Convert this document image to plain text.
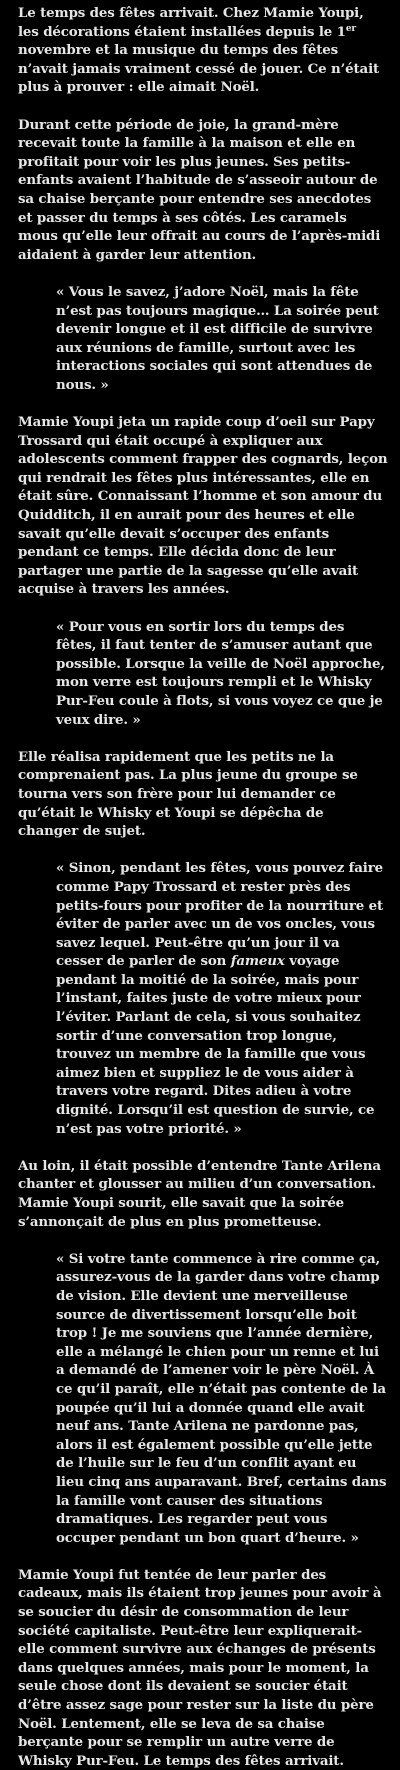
Le temps des fêtes arrivait. Chez Mamie Youpi, les décorations étaient installées depuis le 1er novembre et la musique du temps des fêtes n’avait jamais vraiment cessé de jouer. Ce n’était plus à prouver : elle aimait Noël.

Durant cette période de joie, la grand-mère recevait toute la famille à la maison et elle en profitait pour voir les plus jeunes. Ses petits-enfants avaient l’habitude de s’asseoir autour de sa chaise berçante pour entendre ses anecdotes et passer du temps à ses côtés. Les caramels mous qu’elle leur offrait au cours de l’après-midi aidaient à garder leur attention.

« Vous le savez, j’adore Noël, mais la fête n’est pas toujours magique… La soirée peut devenir longue et il est difficile de survivre aux réunions de famille, surtout avec les interactions sociales qui sont attendues de nous. »

Mamie Youpi jeta un rapide coup d’oeil sur Papy Trossard qui était occupé à expliquer aux adolescents comment frapper des cognards, leçon qui rendrait les fêtes plus intéressantes, elle en était sûre. Connaissant l’homme et son amour du Quidditch, il en aurait pour des heures et elle savait qu’elle devait s’occuper des enfants pendant ce temps. Elle décida donc de leur partager une partie de la sagesse qu’elle avait acquise à travers les années.

« Pour vous en sortir lors du temps des fêtes, il faut tenter de s’amuser autant que possible. Lorsque la veille de Noël approche, mon verre est toujours rempli et le Whisky Pur-Feu coule à flots, si vous voyez ce que je veux dire. »

Elle réalisa rapidement que les petits ne la comprenaient pas. La plus jeune du groupe se tourna vers son frère pour lui demander ce qu’était le Whisky et Youpi se dépêcha de changer de sujet.

« Sinon, pendant les fêtes, vous pouvez faire comme Papy Trossard et rester près des petits-fours pour profiter de la nourriture et éviter de parler avec un de vos oncles, vous savez lequel. Peut-être qu’un jour il va cesser de parler de son fameux voyage pendant la moitié de la soirée, mais pour l’instant, faites juste de votre mieux pour l’éviter. Parlant de cela, si vous souhaitez sortir d’une conversation trop longue, trouvez un membre de la famille que vous aimez bien et suppliez le de vous aider à travers votre regard. Dites adieu à votre dignité. Lorsqu’il est question de survie, ce n’est pas votre priorité. »

Au loin, il était possible d’entendre Tante Arilena chanter et glousser au milieu d’un conversation. Mamie Youpi sourit, elle savait que la soirée s’annonçait de plus en plus prometteuse.

« Si votre tante commence à rire comme ça, assurez-vous de la garder dans votre champ de vision. Elle devient une merveilleuse source de divertissement lorsqu’elle boit trop ! Je me souviens que l’année dernière, elle a mélangé le chien pour un renne et lui a demandé de l’amener voir le père Noël. À ce qu’il paraît, elle n’était pas contente de la poupée qu’il lui a donnée quand elle avait neuf ans. Tante Arilena ne pardonne pas, alors il est également possible qu’elle jette de l’huile sur le feu d’un conflit ayant eu lieu cinq ans auparavant. Bref, certains dans la famille vont causer des situations dramatiques. Les regarder peut vous occuper pendant un bon quart d’heure. »

Mamie Youpi fut tentée de leur parler des cadeaux, mais ils étaient trop jeunes pour avoir à se soucier du désir de consommation de leur société capitaliste. Peut-être leur expliquerait-elle comment survivre aux échanges de présents dans quelques années, mais pour le moment, la seule chose dont ils devaient se soucier était d’être assez sage pour rester sur la liste du père Noël. Lentement, elle se leva de sa chaise berçante pour se remplir un autre verre de Whisky Pur-Feu. Le temps des fêtes arrivait.
